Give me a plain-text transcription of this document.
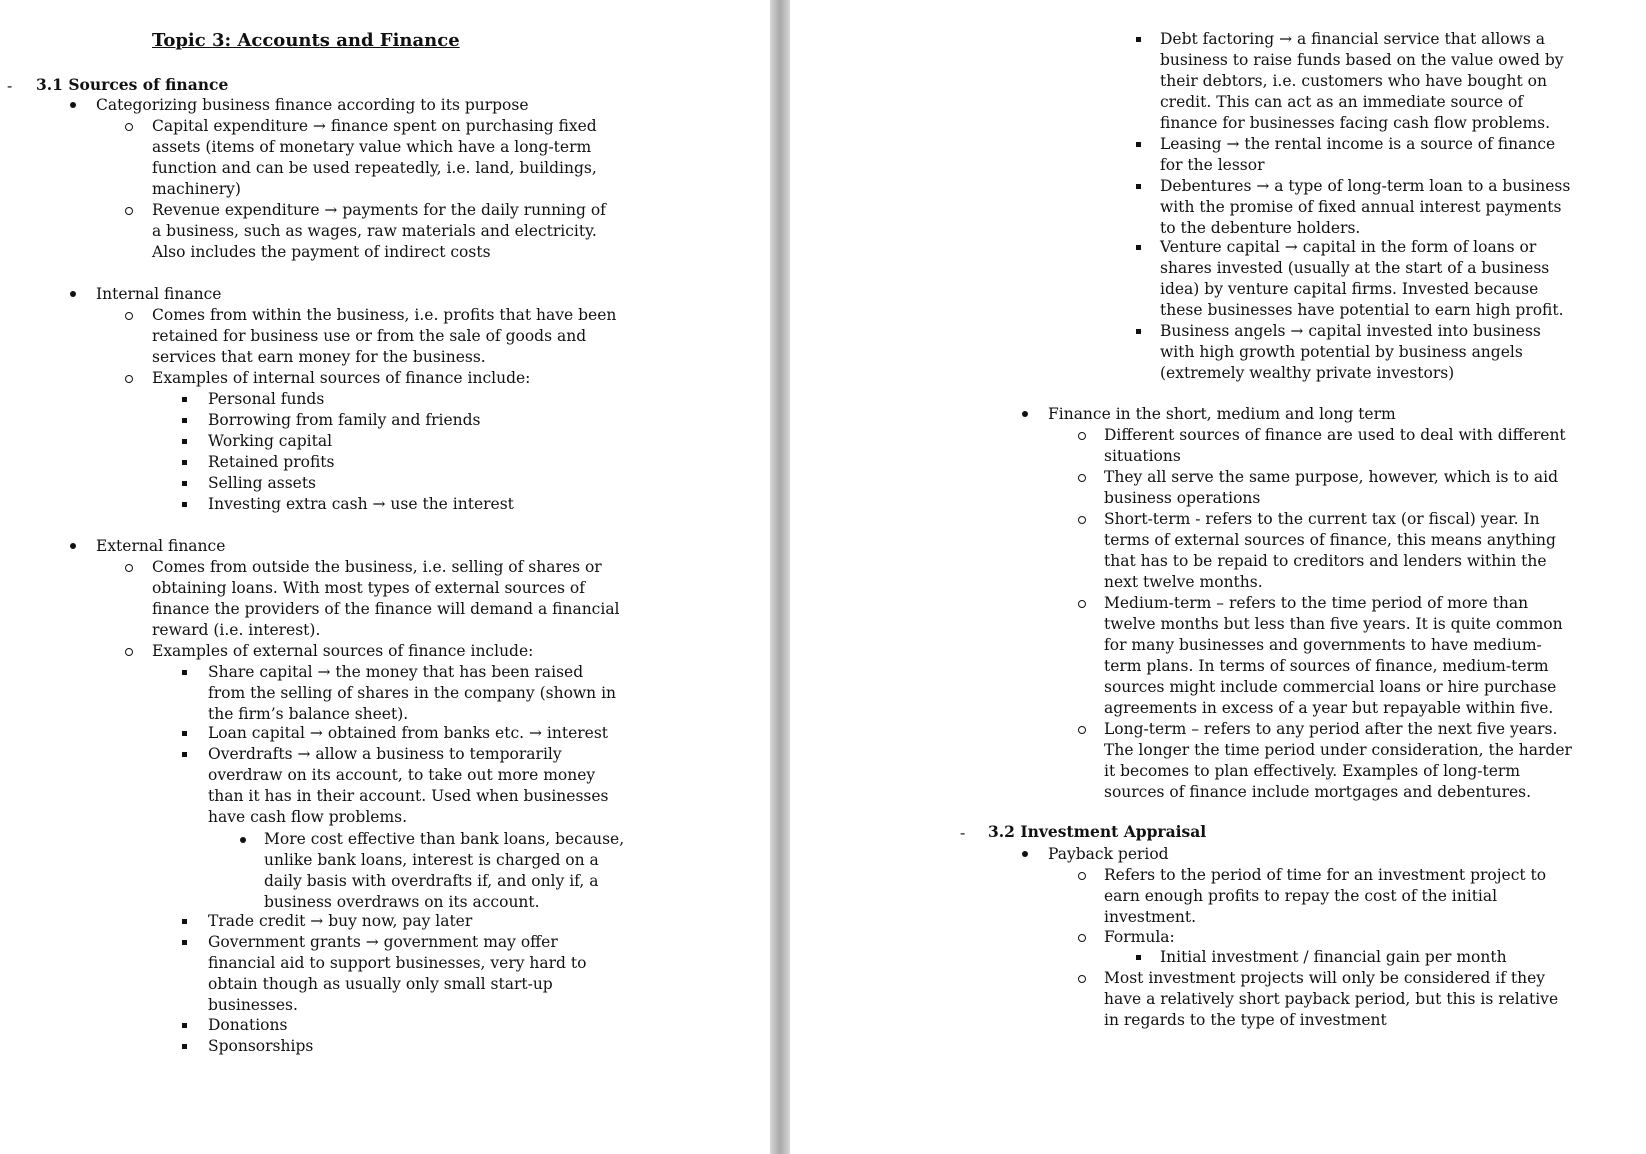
Topic 3: Accounts and Finance
- 3.1 Sources of finance
Categorizing business finance according to its purpose
Capital expenditure → finance spent on purchasing fixed
assets (items of monetary value which have a long-term
function and can be used repeatedly, i.e. land, buildings,
machinery)
Revenue expenditure → payments for the daily running of
a business, such as wages, raw materials and electricity.
Also includes the payment of indirect costs
Internal finance
Comes from within the business, i.e. profits that have been
retained for business use or from the sale of goods and
services that earn money for the business.
Examples of internal sources of finance include:
Personal funds
Borrowing from family and friends
Working capital
Retained profits
Selling assets
Investing extra cash → use the interest
External finance
Comes from outside the business, i.e. selling of shares or
obtaining loans. With most types of external sources of
finance the providers of the finance will demand a financial
reward (i.e. interest).
Examples of external sources of finance include:
Share capital → the money that has been raised
from the selling of shares in the company (shown in
the firm’s balance sheet).
Loan capital → obtained from banks etc. → interest
Overdrafts → allow a business to temporarily
overdraw on its account, to take out more money
than it has in their account. Used when businesses
have cash flow problems.
More cost effective than bank loans, because,
unlike bank loans, interest is charged on a
daily basis with overdrafts if, and only if, a
business overdraws on its account.
Trade credit → buy now, pay later
Government grants → government may offer
financial aid to support businesses, very hard to
obtain though as usually only small start-up
businesses.
Donations
Sponsorships
Debt factoring → a financial service that allows a
business to raise funds based on the value owed by
their debtors, i.e. customers who have bought on
credit. This can act as an immediate source of
finance for businesses facing cash flow problems.
Leasing → the rental income is a source of finance
for the lessor
Debentures → a type of long-term loan to a business
with the promise of fixed annual interest payments
to the debenture holders.
Venture capital → capital in the form of loans or
shares invested (usually at the start of a business
idea) by venture capital firms. Invested because
these businesses have potential to earn high profit.
Business angels → capital invested into business
with high growth potential by business angels
(extremely wealthy private investors)
Finance in the short, medium and long term
Different sources of finance are used to deal with different
situations
They all serve the same purpose, however, which is to aid
business operations
Short-term - refers to the current tax (or fiscal) year. In
terms of external sources of finance, this means anything
that has to be repaid to creditors and lenders within the
next twelve months.
Medium-term – refers to the time period of more than
twelve months but less than five years. It is quite common
for many businesses and governments to have medium-
term plans. In terms of sources of finance, medium-term
sources might include commercial loans or hire purchase
agreements in excess of a year but repayable within five.
Long-term – refers to any period after the next five years.
The longer the time period under consideration, the harder
it becomes to plan effectively. Examples of long-term
sources of finance include mortgages and debentures.
- 3.2 Investment Appraisal
Payback period
Refers to the period of time for an investment project to
earn enough profits to repay the cost of the initial
investment.
Formula:
Initial investment / financial gain per month
Most investment projects will only be considered if they
have a relatively short payback period, but this is relative
in regards to the type of investment
